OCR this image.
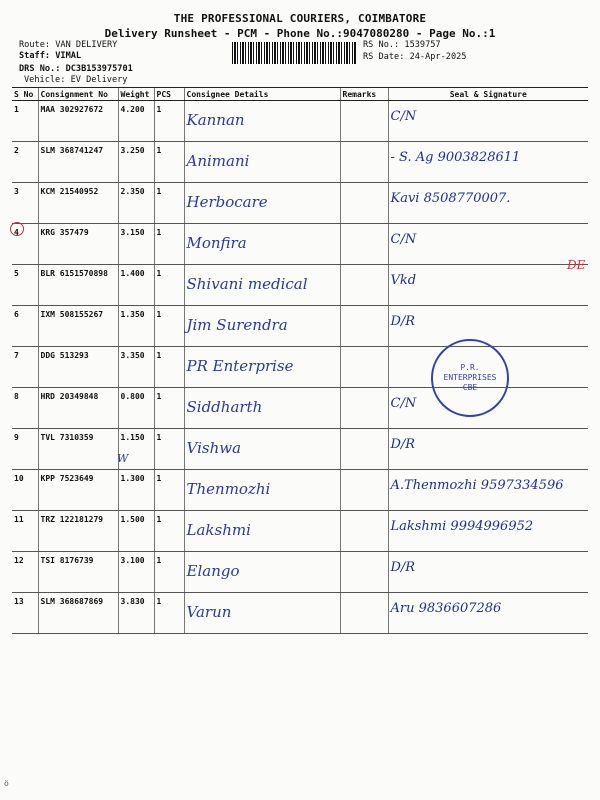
THE PROFESSIONAL COURIERS, COIMBATORE
Delivery Runsheet - PCM - Phone No.:9047080280 - Page No.:1
Route: VAN DELIVERY
Staff: VIMAL
DRS No.: DC3B153975701
Vehicle: EV Delivery
RS No.: 1539757
RS Date: 24-Apr-2025
S No	Consignment No	Weight	PCS	Consignee Details	Remarks	Seal & Signature
1	MAA 302927672	4.200	1	Kannan		C/N

2	SLM 368741247	3.250	1	Animani		- S. Ag 9003828611

3	KCM 21540952	2.350	1	Herbocare		Kavi 8508770007.

4	KRG 357479	3.150	1	Monfira		C/N

5	BLR 6151570898	1.400	1	Shivani medical		Vkd

6	IXM 508155267	1.350	1	Jim Surendra		D/R

7	DDG 513293	3.350	1	PR Enterprise		

8	HRD 20349848	0.800	1	Siddharth		C/N

9	TVL 7310359	1.150	1	Vishwa		D/R

10	KPP 7523649	1.300	1	Thenmozhi		A.Thenmozhi 9597334596

11	TRZ 122181279	1.500	1	Lakshmi		Lakshmi 9994996952

12	TSI 8176739	3.100	1	Elango		D/R

13	SLM 368687869	3.830	1	Varun		Aru 9836607286
DE
P.R. ENTERPRISES CBE
W
ö
